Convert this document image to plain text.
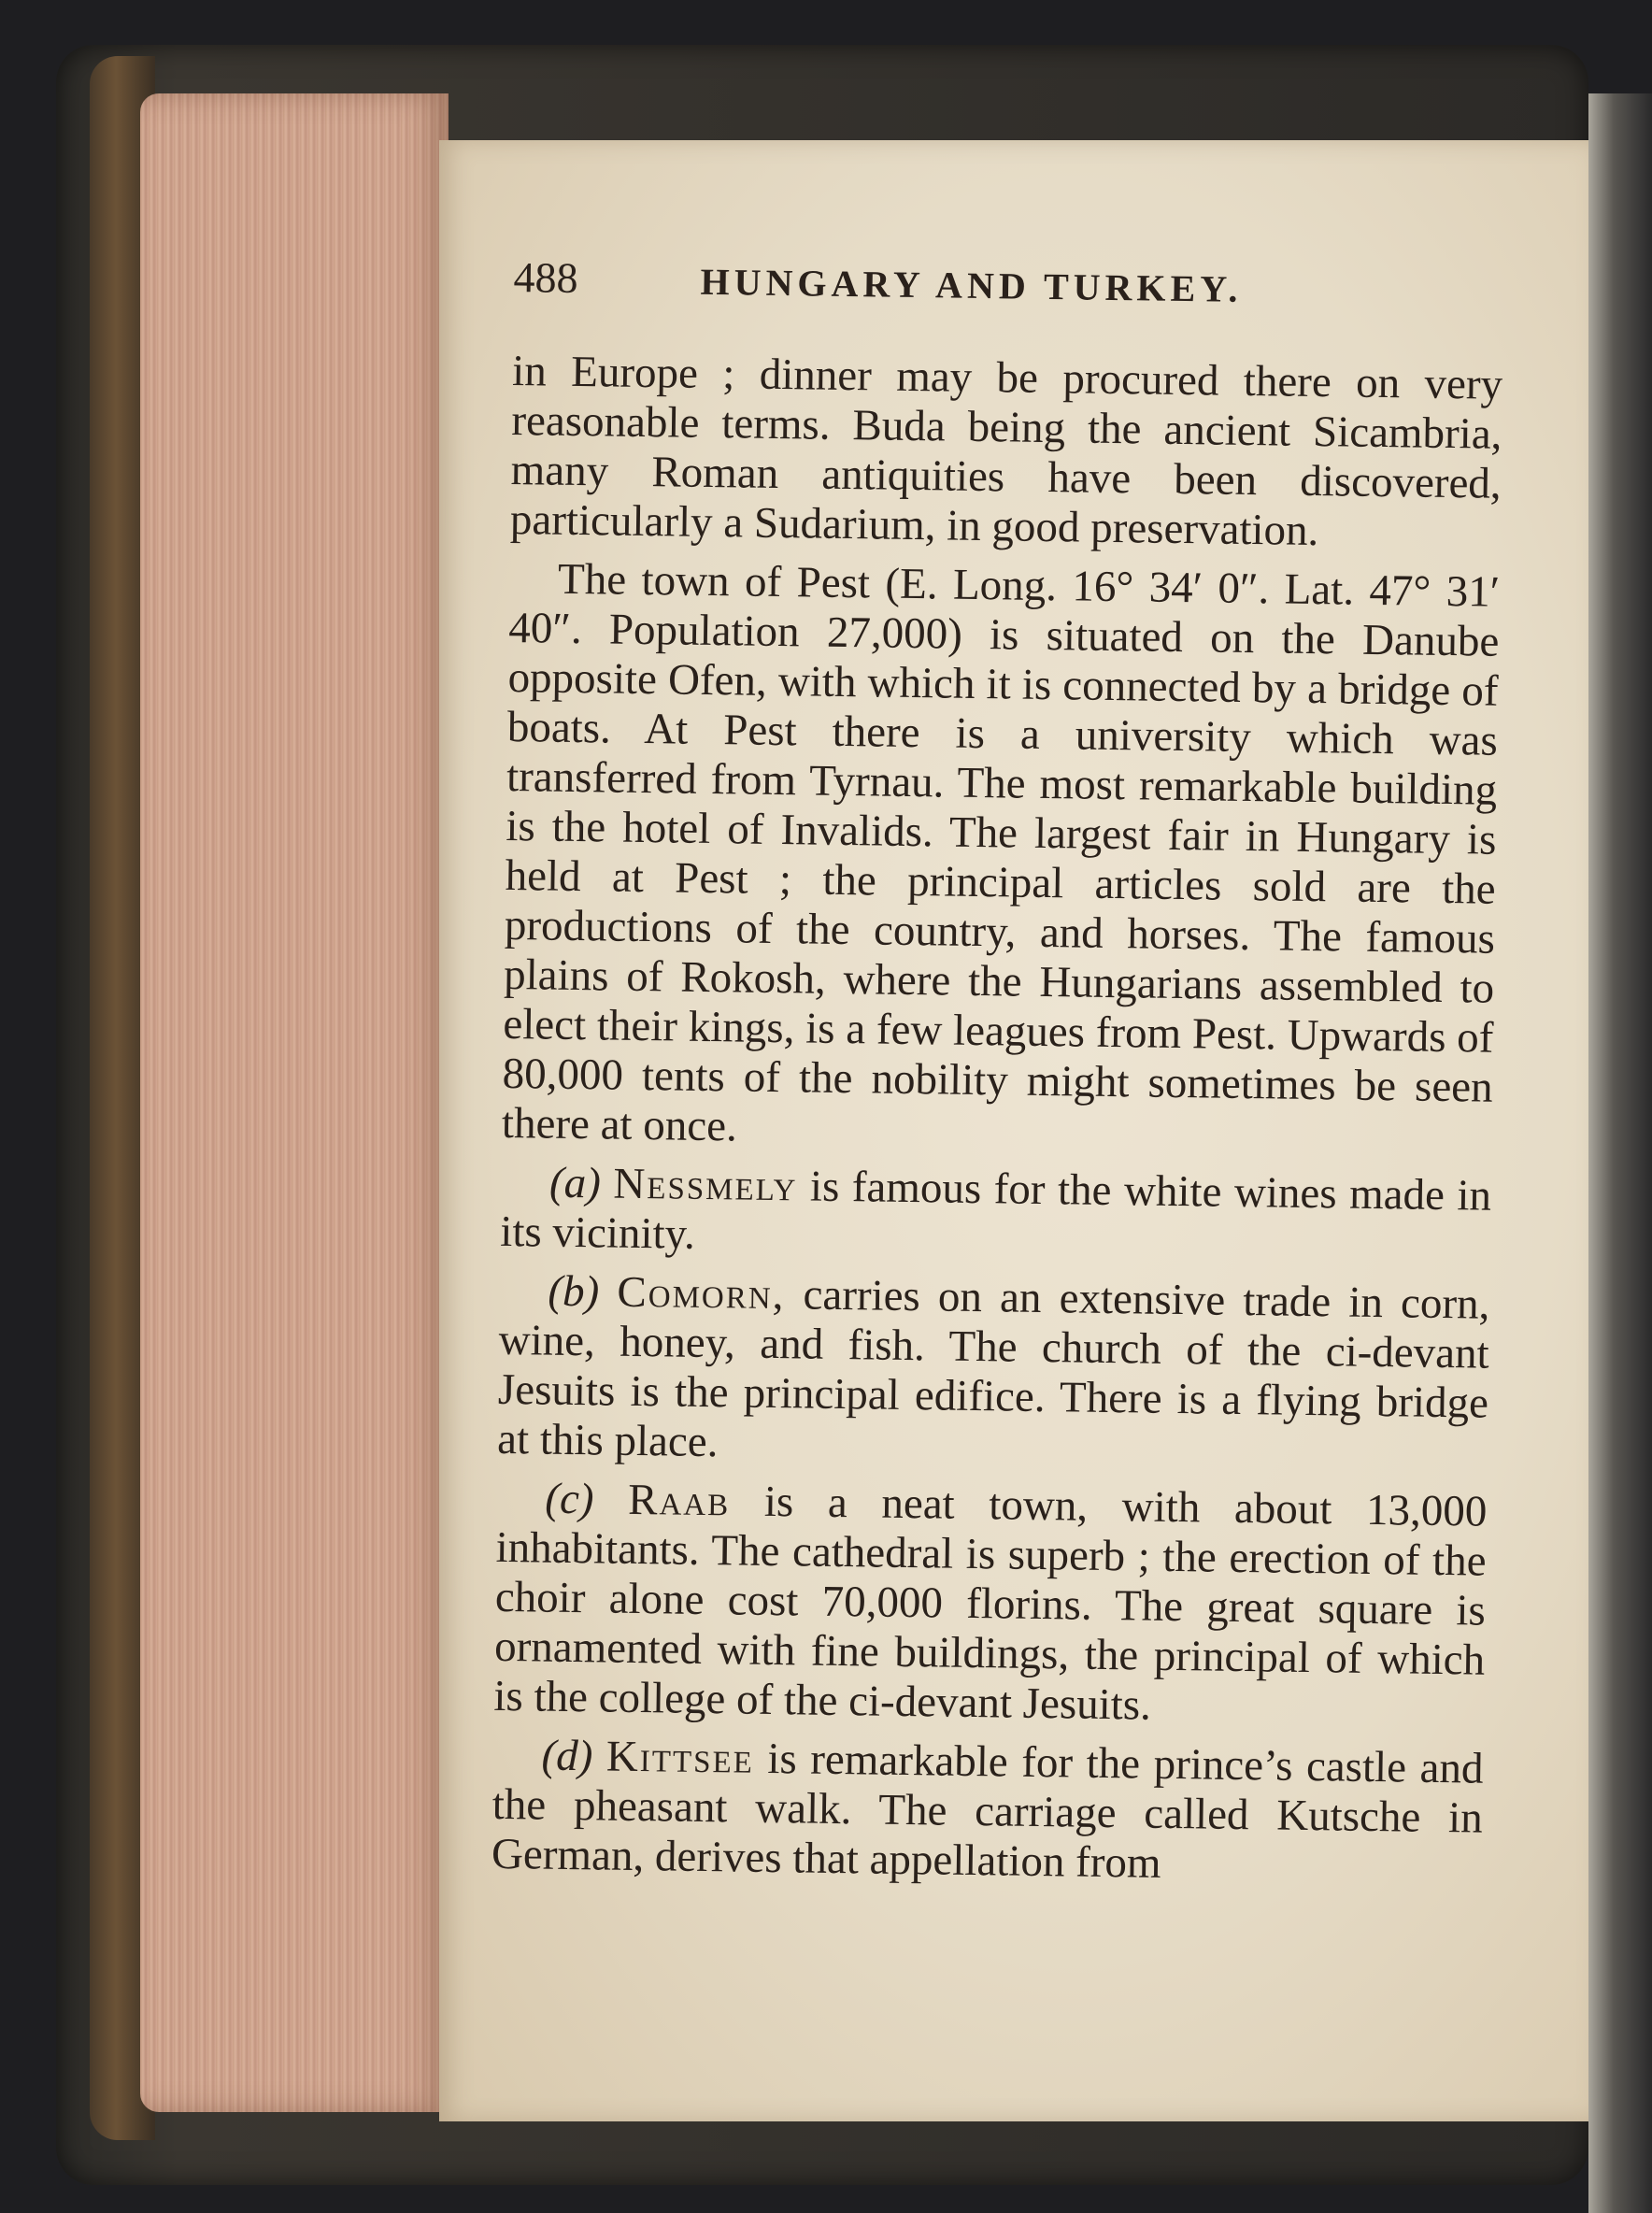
488	HUNGARY AND TURKEY.

in Europe ; dinner may be procured there on very reasonable terms. Buda being the ancient Sicambria, many Roman antiquities have been discovered, particularly a Sudarium, in good preservation.

The town of Pest (E. Long. 16° 34′ 0″. Lat. 47° 31′ 40″. Population 27,000) is situated on the Danube opposite Ofen, with which it is connected by a bridge of boats. At Pest there is a university which was transferred from Tyrnau. The most remarkable building is the hotel of Invalids. The largest fair in Hungary is held at Pest ; the principal articles sold are the productions of the country, and horses. The famous plains of Rokosh, where the Hungarians assembled to elect their kings, is a few leagues from Pest. Upwards of 80,000 tents of the nobility might sometimes be seen there at once.

(a) Nessmely is famous for the white wines made in its vicinity.

(b) Comorn, carries on an extensive trade in corn, wine, honey, and fish. The church of the ci-devant Jesuits is the principal edifice. There is a flying bridge at this place.

(c) Raab is a neat town, with about 13,000 inhabitants. The cathedral is superb ; the erection of the choir alone cost 70,000 florins. The great square is ornamented with fine buildings, the principal of which is the college of the ci-devant Jesuits.

(d) Kittsee is remarkable for the prince’s castle and the pheasant walk. The carriage called Kutsche in German, derives that appellation from
